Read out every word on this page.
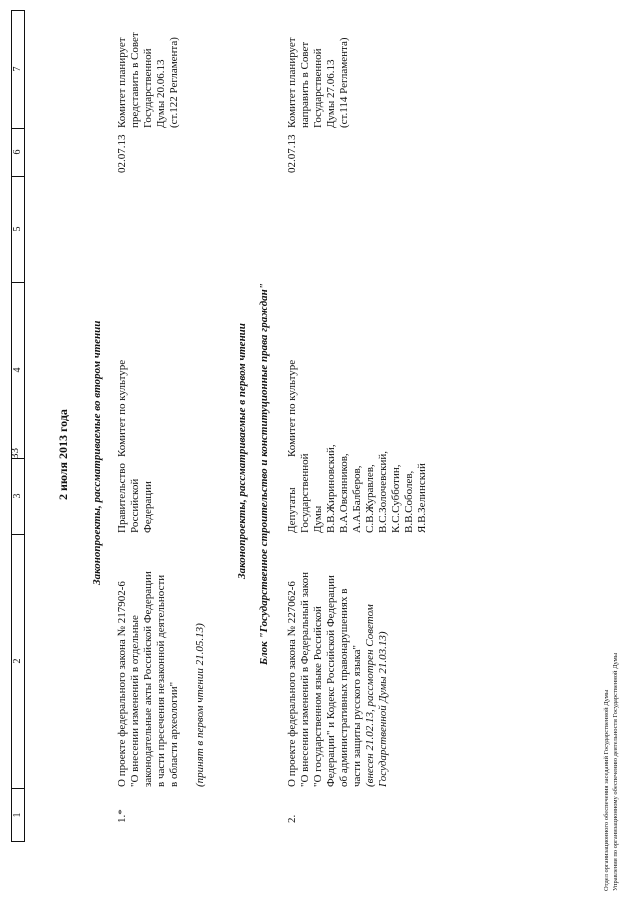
33
1
2
3
4
5
6
7
2 июля 2013 года Законопроекты, рассматриваемые во втором чтении
1.*
О проекте федерального закона № 217902-6 "О внесении изменений в отдельные законодательные акты Российской Федерации в части пресечения незаконной деятельности в области археологии" (принят в первом чтении 21.05.13)
Правительство Российской Федерации
Комитет по культуре
02.07.13
Комитет планирует представить в Совет Государственной Думы 20.06.13 (ст.122 Регламента)
Законопроекты, рассматриваемые в первом чтении Блок "Государственное строительство и конституционные права граждан"
2.
О проекте федерального закона № 227062-6 "О внесении изменений в Федеральный закон "О государственном языке Российской Федерации" и Кодекс Российской Федерации об административных правонарушениях в части защиты русского языка" (внесен 21.02.13, рассмотрен Советом Государственной Думы 21.03.13)
Депутаты Государственной Думы В.В.Жириновский, В.А.Овсянников, А.А.Балберов, С.В.Журавлев, В.С.Золочевский, К.С.Субботин, В.В.Соболев, Я.В.Зелинский
Комитет по культуре
02.07.13
Комитет планирует направить в Совет Государственной Думы 27.06.13 (ст.114 Регламента)
Отдел организационного обеспечения заседаний Государственной Думы Управления по организационному обеспечению деятельности Государственной Думы
